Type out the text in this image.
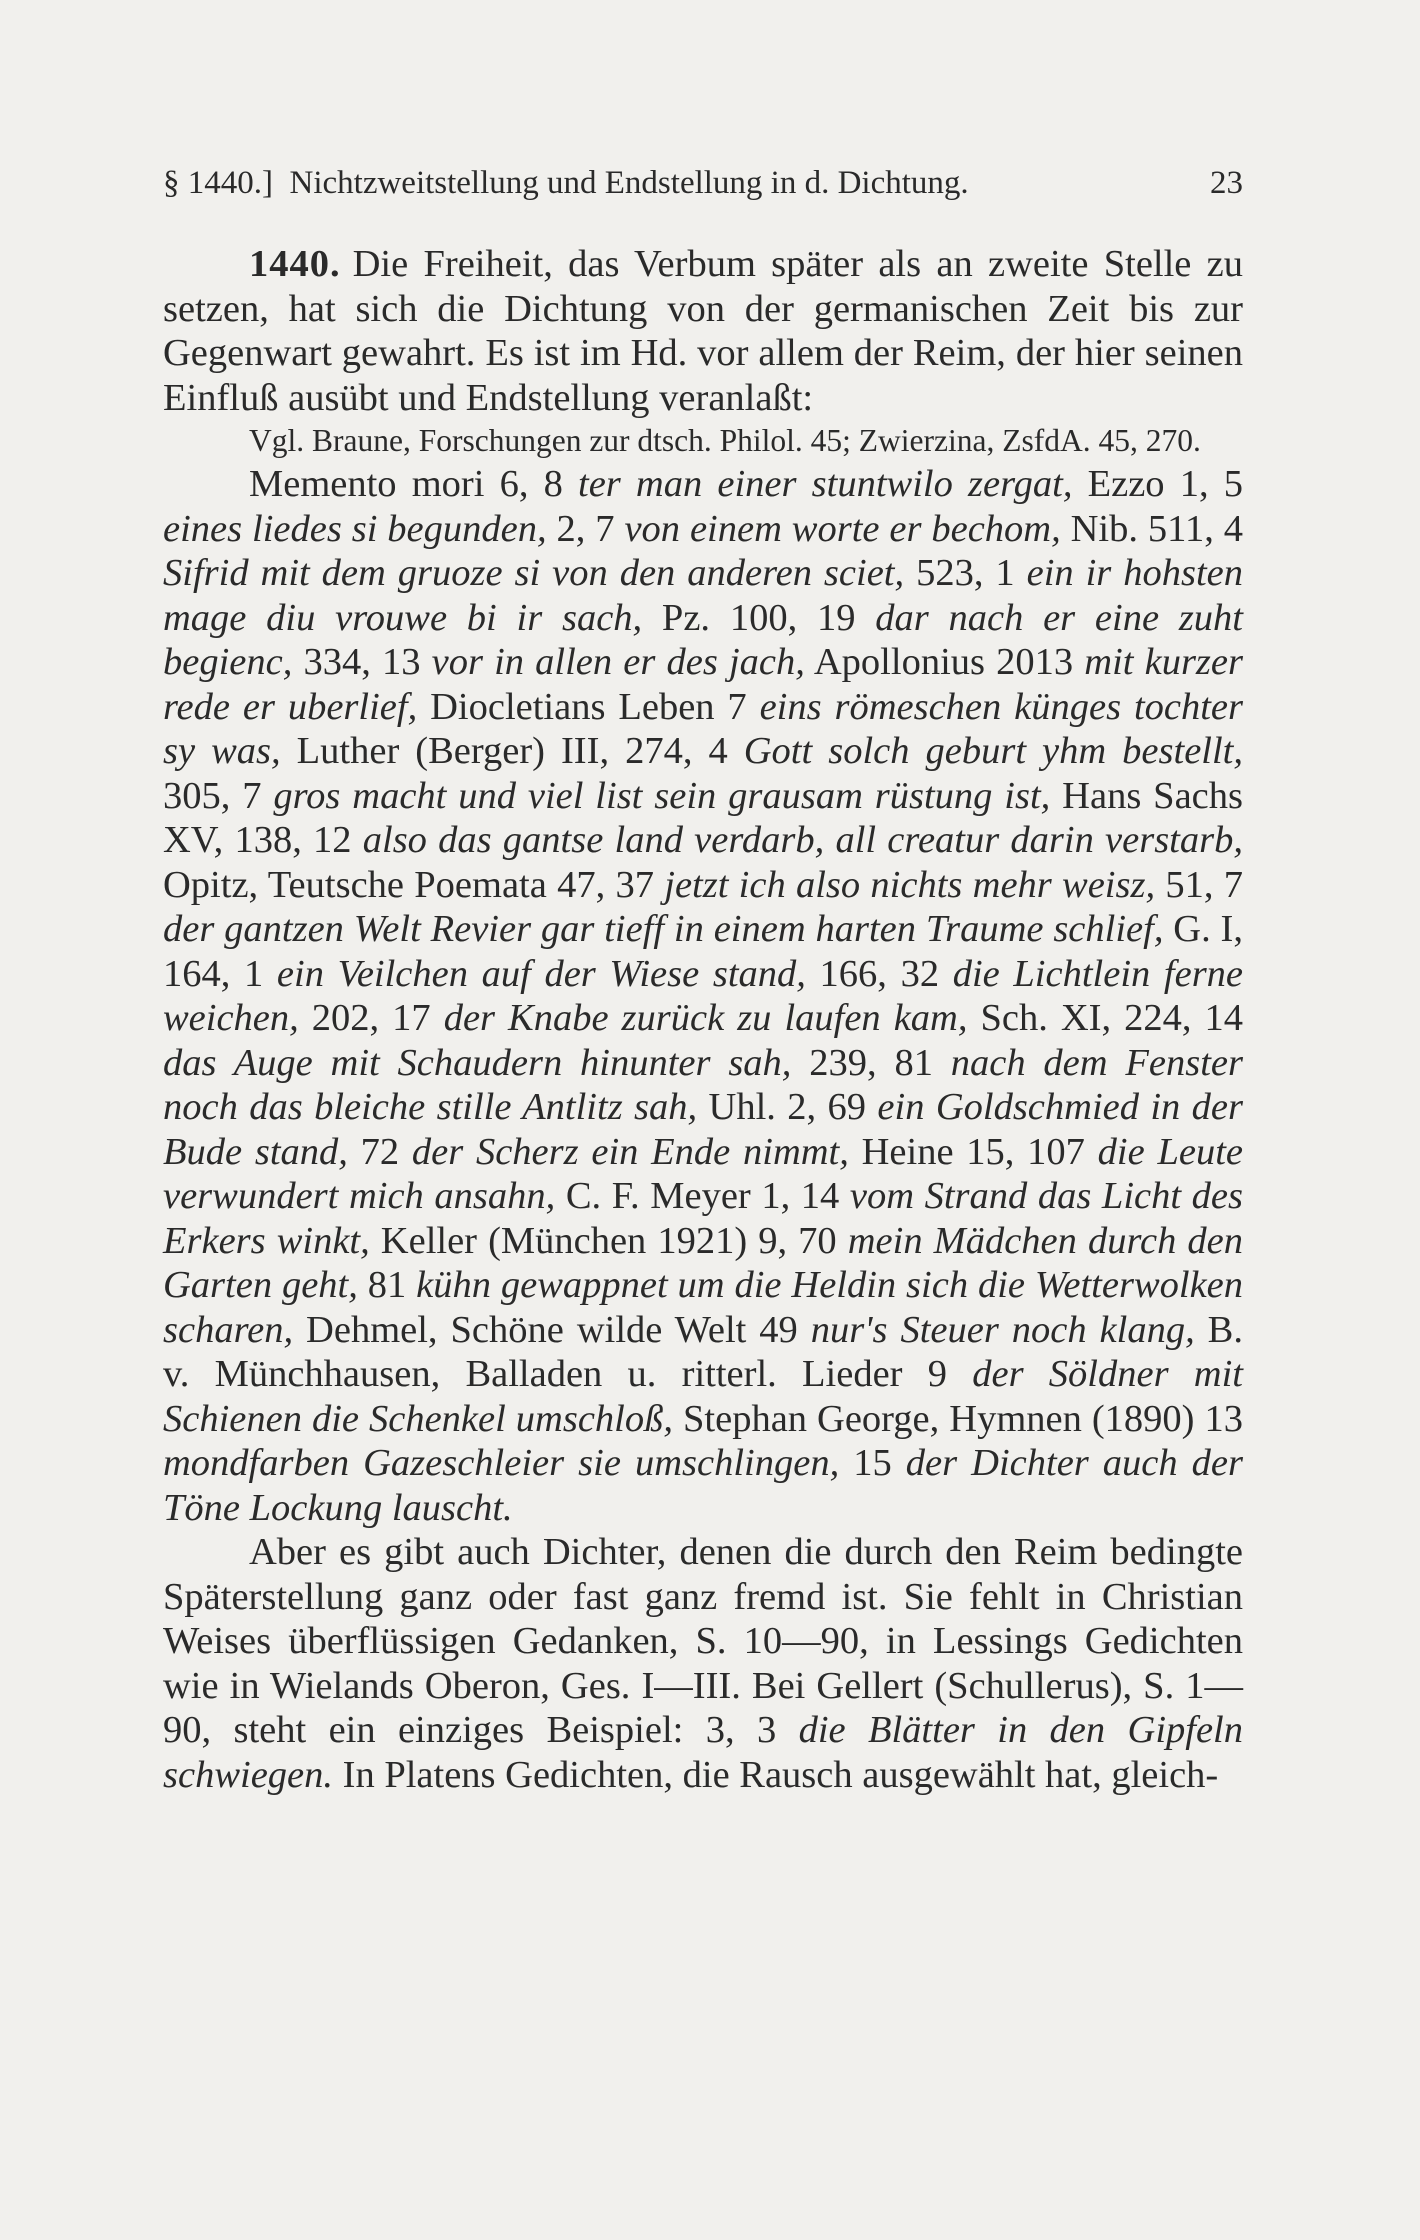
§ 1440.] Nichtzweitstellung und Endstellung in d. Dichtung.	23

1440. Die Freiheit, das Verbum später als an zweite Stelle zu setzen, hat sich die Dichtung von der germanischen Zeit bis zur Gegenwart gewahrt. Es ist im Hd. vor allem der Reim, der hier seinen Einfluß ausübt und Endstellung veranlaßt:

Vgl. Braune, Forschungen zur dtsch. Philol. 45; Zwierzina, ZsfdA. 45, 270.

Memento mori 6, 8 ter man einer stuntwilo zergat, Ezzo 1, 5 eines liedes si begunden, 2, 7 von einem worte er bechom, Nib. 511, 4 Sifrid mit dem gruoze si von den anderen sciet, 523, 1 ein ir hohsten mage diu vrouwe bi ir sach, Pz. 100, 19 dar nach er eine zuht begienc, 334, 13 vor in allen er des jach, Apollonius 2013 mit kurzer rede er uberlief, Diocletians Leben 7 eins römeschen künges tochter sy was, Luther (Berger) III, 274, 4 Gott solch geburt yhm bestellt, 305, 7 gros macht und viel list sein grausam rüstung ist, Hans Sachs XV, 138, 12 also das gantse land verdarb, all creatur darin verstarb, Opitz, Teutsche Poemata 47, 37 jetzt ich also nichts mehr weisz, 51, 7 der gantzen Welt Revier gar tieff in einem harten Traume schlief, G. I, 164, 1 ein Veilchen auf der Wiese stand, 166, 32 die Lichtlein ferne weichen, 202, 17 der Knabe zurück zu laufen kam, Sch. XI, 224, 14 das Auge mit Schaudern hinunter sah, 239, 81 nach dem Fenster noch das bleiche stille Antlitz sah, Uhl. 2, 69 ein Goldschmied in der Bude stand, 72 der Scherz ein Ende nimmt, Heine 15, 107 die Leute verwundert mich ansahn, C. F. Meyer 1, 14 vom Strand das Licht des Erkers winkt, Keller (München 1921) 9, 70 mein Mädchen durch den Garten geht, 81 kühn gewappnet um die Heldin sich die Wetterwolken scharen, Dehmel, Schöne wilde Welt 49 nur's Steuer noch klang, B. v. Münchhausen, Balladen u. ritterl. Lieder 9 der Söldner mit Schienen die Schenkel umschloß, Stephan George, Hymnen (1890) 13 mondfarben Gazeschleier sie umschlingen, 15 der Dichter auch der Töne Lockung lauscht.

Aber es gibt auch Dichter, denen die durch den Reim bedingte Späterstellung ganz oder fast ganz fremd ist. Sie fehlt in Christian Weises überflüssigen Gedanken, S. 10—90, in Lessings Gedichten wie in Wielands Oberon, Ges. I—III. Bei Gellert (Schullerus), S. 1—90, steht ein einziges Beispiel: 3, 3 die Blätter in den Gipfeln schwiegen. In Platens Gedichten, die Rausch ausgewählt hat, gleich-
